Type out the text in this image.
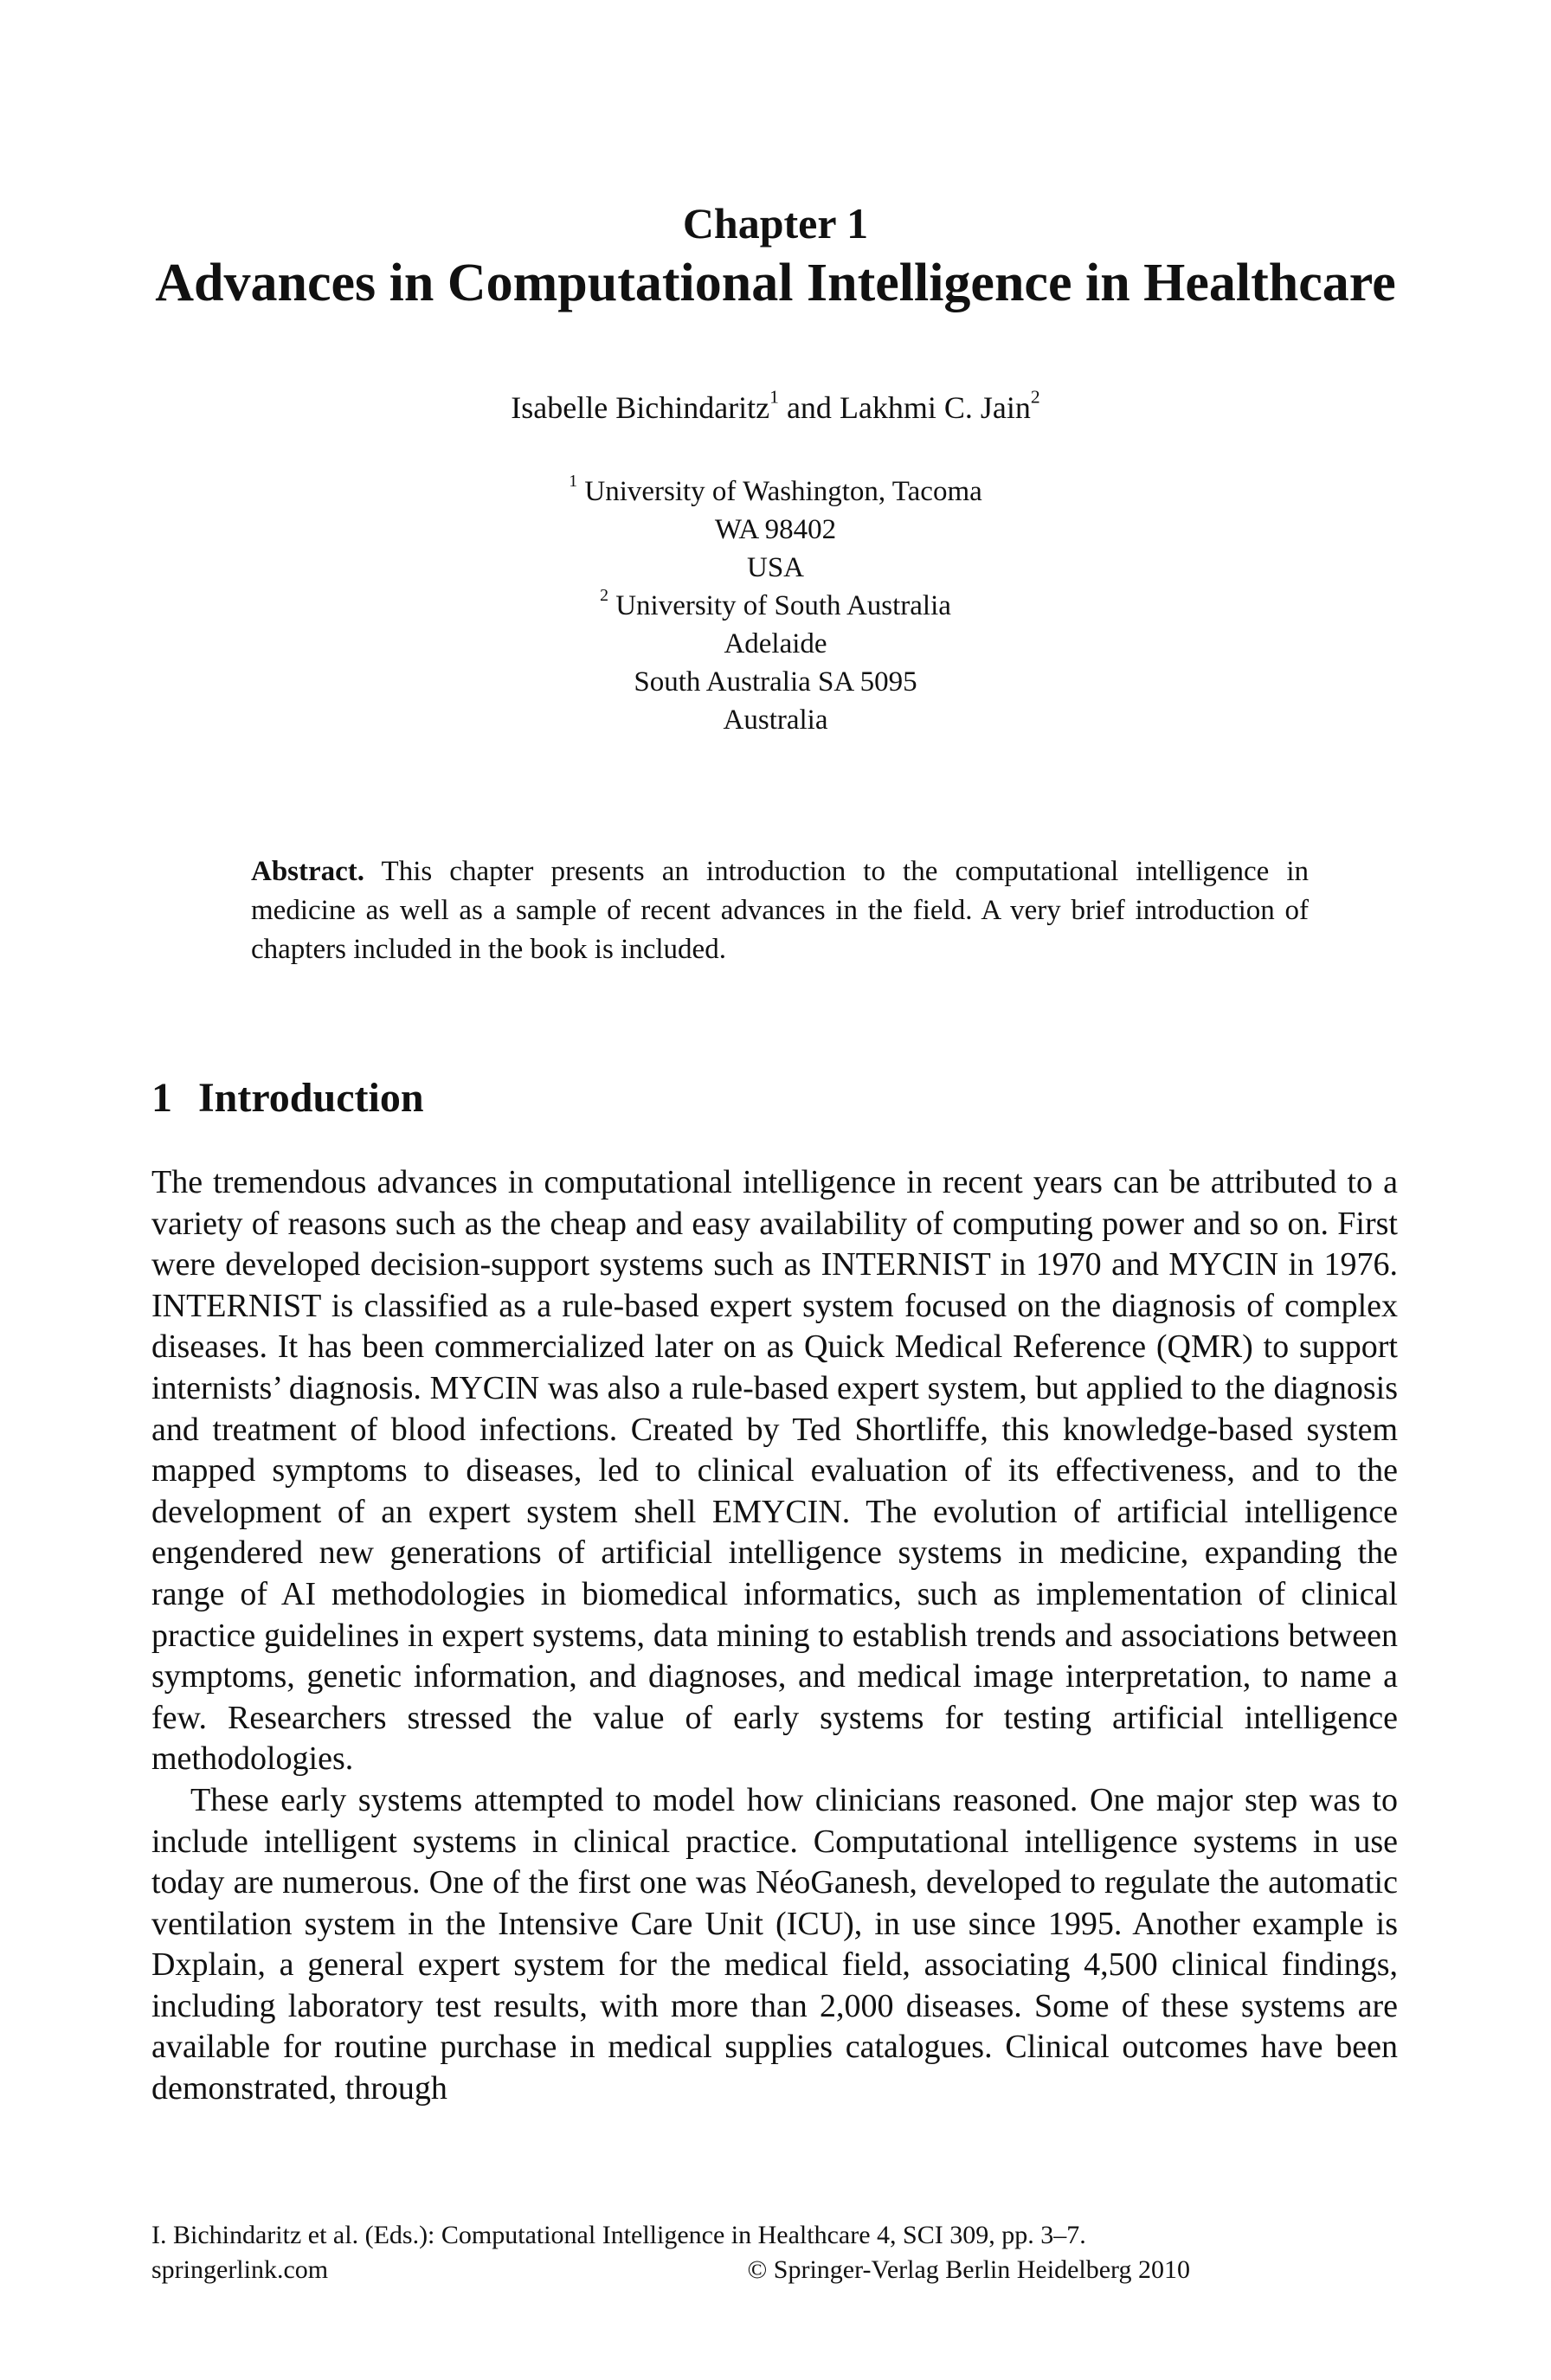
Chapter 1
Advances in Computational Intelligence in Healthcare
Isabelle Bichindaritz$^1$ and Lakhmi C. Jain$^2$
$^1$ University of Washington, Tacoma
WA 98402
USA
$^2$ University of South Australia
Adelaide
South Australia SA 5095
Australia
Abstract. This chapter presents an introduction to the computational intelligence in medicine as well as a sample of recent advances in the field. A very brief introduction of chapters included in the book is included.
1 Introduction

The tremendous advances in computational intelligence in recent years can be attributed to a variety of reasons such as the cheap and easy availability of computing power and so on. First were developed decision-support systems such as INTERNIST in 1970 and MYCIN in 1976. INTERNIST is classified as a rule-based expert system focused on the diagnosis of complex diseases. It has been commercialized later on as Quick Medical Reference (QMR) to support internists’ diagnosis. MYCIN was also a rule-based expert system, but applied to the diagnosis and treatment of blood infections. Created by Ted Shortliffe, this knowledge-based system mapped symptoms to diseases, led to clinical evaluation of its effectiveness, and to the development of an expert system shell EMYCIN. The evolution of artificial intelligence engendered new generations of artificial intelligence systems in medicine, expanding the range of AI methodologies in biomedical informatics, such as implementation of clinical practice guidelines in expert systems, data mining to establish trends and associations between symptoms, genetic information, and diagnoses, and medical image interpretation, to name a few. Researchers stressed the value of early systems for testing artificial intelligence methodologies.

These early systems attempted to model how clinicians reasoned. One major step was to include intelligent systems in clinical practice. Computational intelligence systems in use today are numerous. One of the first one was NéoGanesh, developed to regulate the automatic ventilation system in the Intensive Care Unit (ICU), in use since 1995. Another example is Dxplain, a general expert system for the medical field, associating 4,500 clinical findings, including laboratory test results, with more than 2,000 diseases. Some of these systems are available for routine purchase in medical supplies catalogues. Clinical outcomes have been demonstrated, through

I. Bichindaritz et al. (Eds.): Computational Intelligence in Healthcare 4, SCI 309, pp. 3–7.
springerlink.com	© Springer-Verlag Berlin Heidelberg 2010
